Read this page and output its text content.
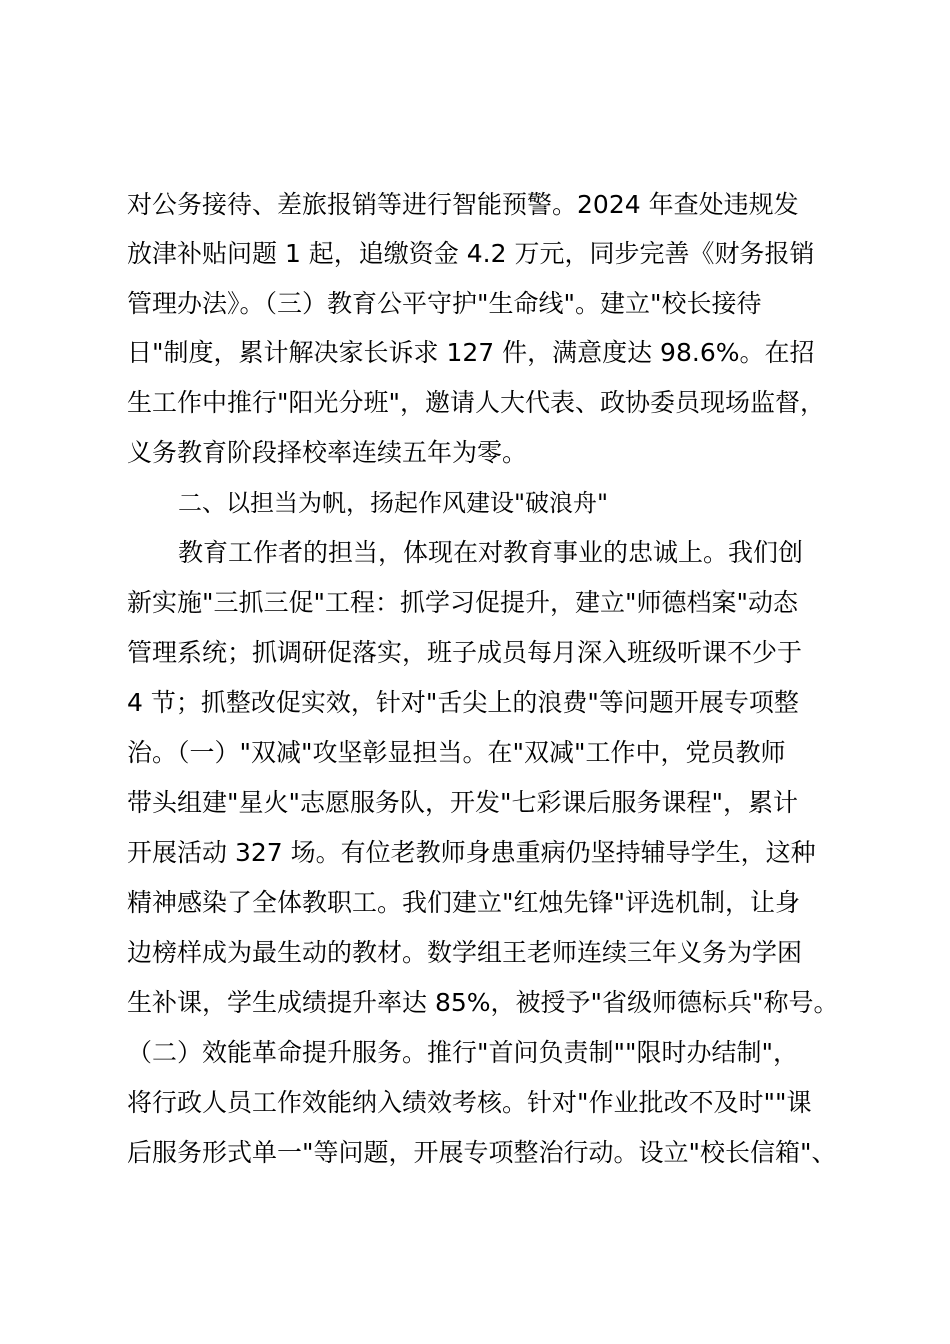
对公务接待、差旅报销等进行智能预警。2024 年查处违规发
放津补贴问题 1 起，追缴资金 4.2 万元，同步完善《财务报销
管理办法》。（三）教育公平守护"生命线"。建立"校长接待
日"制度，累计解决家长诉求 127 件，满意度达 98.6%。在招
生工作中推行"阳光分班"，邀请人大代表、政协委员现场监督，
义务教育阶段择校率连续五年为零。
二、以担当为帆，扬起作风建设"破浪舟"
教育工作者的担当，体现在对教育事业的忠诚上。我们创
新实施"三抓三促"工程：抓学习促提升，建立"师德档案"动态
管理系统；抓调研促落实，班子成员每月深入班级听课不少于
4 节；抓整改促实效，针对"舌尖上的浪费"等问题开展专项整
治。（一）"双减"攻坚彰显担当。在"双减"工作中，党员教师
带头组建"星火"志愿服务队，开发"七彩课后服务课程"，累计
开展活动 327 场。有位老教师身患重病仍坚持辅导学生，这种
精神感染了全体教职工。我们建立"红烛先锋"评选机制，让身
边榜样成为最生动的教材。数学组王老师连续三年义务为学困
生补课，学生成绩提升率达 85%，被授予"省级师德标兵"称号。
（二）效能革命提升服务。推行"首问负责制""限时办结制"，
将行政人员工作效能纳入绩效考核。针对"作业批改不及时""课
后服务形式单一"等问题，开展专项整治行动。设立"校长信箱"、
